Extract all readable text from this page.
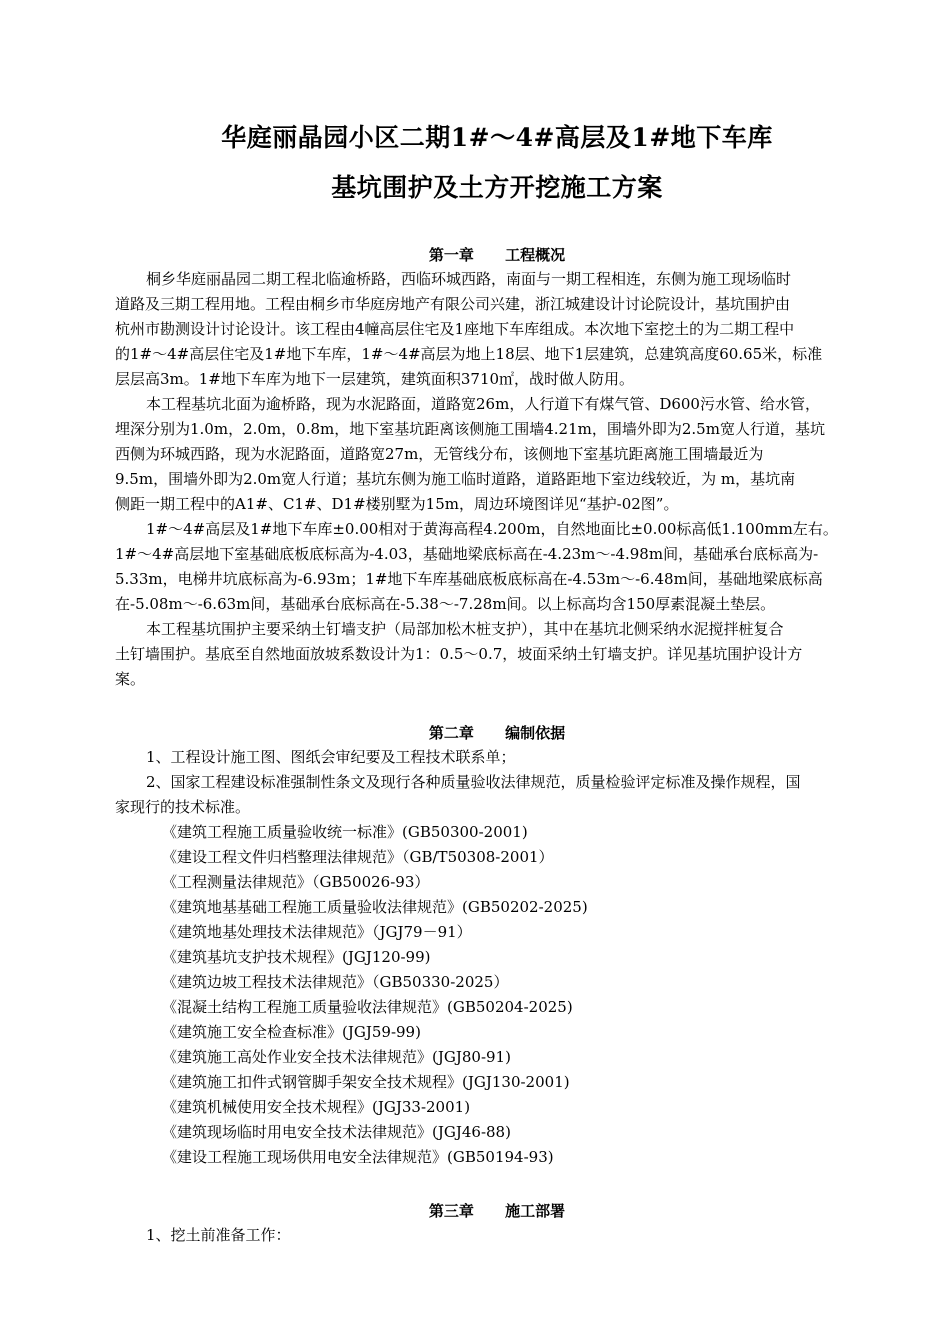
华庭丽晶园小区二期1#～4#高层及1#地下车库
基坑围护及土方开挖施工方案
第一章      工程概况
桐乡华庭丽晶园二期工程北临逾桥路，西临环城西路，南面与一期工程相连，东侧为施工现场临时
道路及三期工程用地。工程由桐乡市华庭房地产有限公司兴建，浙江城建设计讨论院设计，基坑围护由
杭州市勘测设计讨论设计。该工程由4幢高层住宅及1座地下车库组成。本次地下室挖土的为二期工程中
的1#～4#高层住宅及1#地下车库，1#～4#高层为地上18层、地下1层建筑，总建筑高度60.65米，标准
层层高3m。1#地下车库为地下一层建筑，建筑面积3710㎡，战时做人防用。
本工程基坑北面为逾桥路，现为水泥路面，道路宽26m，人行道下有煤气管、D600污水管、给水管，
埋深分别为1.0m，2.0m，0.8m，地下室基坑距离该侧施工围墙4.21m，围墙外即为2.5m宽人行道，基坑
西侧为环城西路，现为水泥路面，道路宽27m，无管线分布，该侧地下室基坑距离施工围墙最近为
9.5m，围墙外即为2.0m宽人行道；基坑东侧为施工临时道路，道路距地下室边线较近，为 m，基坑南
侧距一期工程中的A1#、C1#、D1#楼别墅为15m，周边环境图详见“基护-02图”。
1#～4#高层及1#地下车库±0.00相对于黄海高程4.200m，自然地面比±0.00标高低1.100mm左右。
1#～4#高层地下室基础底板底标高为-4.03，基础地梁底标高在-4.23m～-4.98m间，基础承台底标高为-
5.33m，电梯井坑底标高为-6.93m；1#地下车库基础底板底标高在-4.53m～-6.48m间，基础地梁底标高
在-5.08m～-6.63m间，基础承台底标高在-5.38～-7.28m间。以上标高均含150厚素混凝土垫层。
本工程基坑围护主要采纳土钉墙支护（局部加松木桩支护），其中在基坑北侧采纳水泥搅拌桩复合
土钉墙围护。基底至自然地面放坡系数设计为1：0.5～0.7，坡面采纳土钉墙支护。详见基坑围护设计方
案。
第二章      编制依据
1、工程设计施工图、图纸会审纪要及工程技术联系单；
2、国家工程建设标准强制性条文及现行各种质量验收法律规范，质量检验评定标准及操作规程，国
家现行的技术标准。
《建筑工程施工质量验收统一标准》(GB50300-2001)
《建设工程文件归档整理法律规范》（GB/T50308-2001）
《工程测量法律规范》（GB50026-93）
《建筑地基基础工程施工质量验收法律规范》(GB50202-2025)
《建筑地基处理技术法律规范》（JGJ79－91）
《建筑基坑支护技术规程》(JGJ120-99)
《建筑边坡工程技术法律规范》（GB50330-2025）
《混凝土结构工程施工质量验收法律规范》(GB50204-2025)
《建筑施工安全检查标准》(JGJ59-99)
《建筑施工高处作业安全技术法律规范》(JGJ80-91)
《建筑施工扣件式钢管脚手架安全技术规程》(JGJ130-2001)
《建筑机械使用安全技术规程》(JGJ33-2001)
《建筑现场临时用电安全技术法律规范》(JGJ46-88)
《建设工程施工现场供用电安全法律规范》(GB50194-93)
第三章      施工部署
1、挖土前准备工作：
